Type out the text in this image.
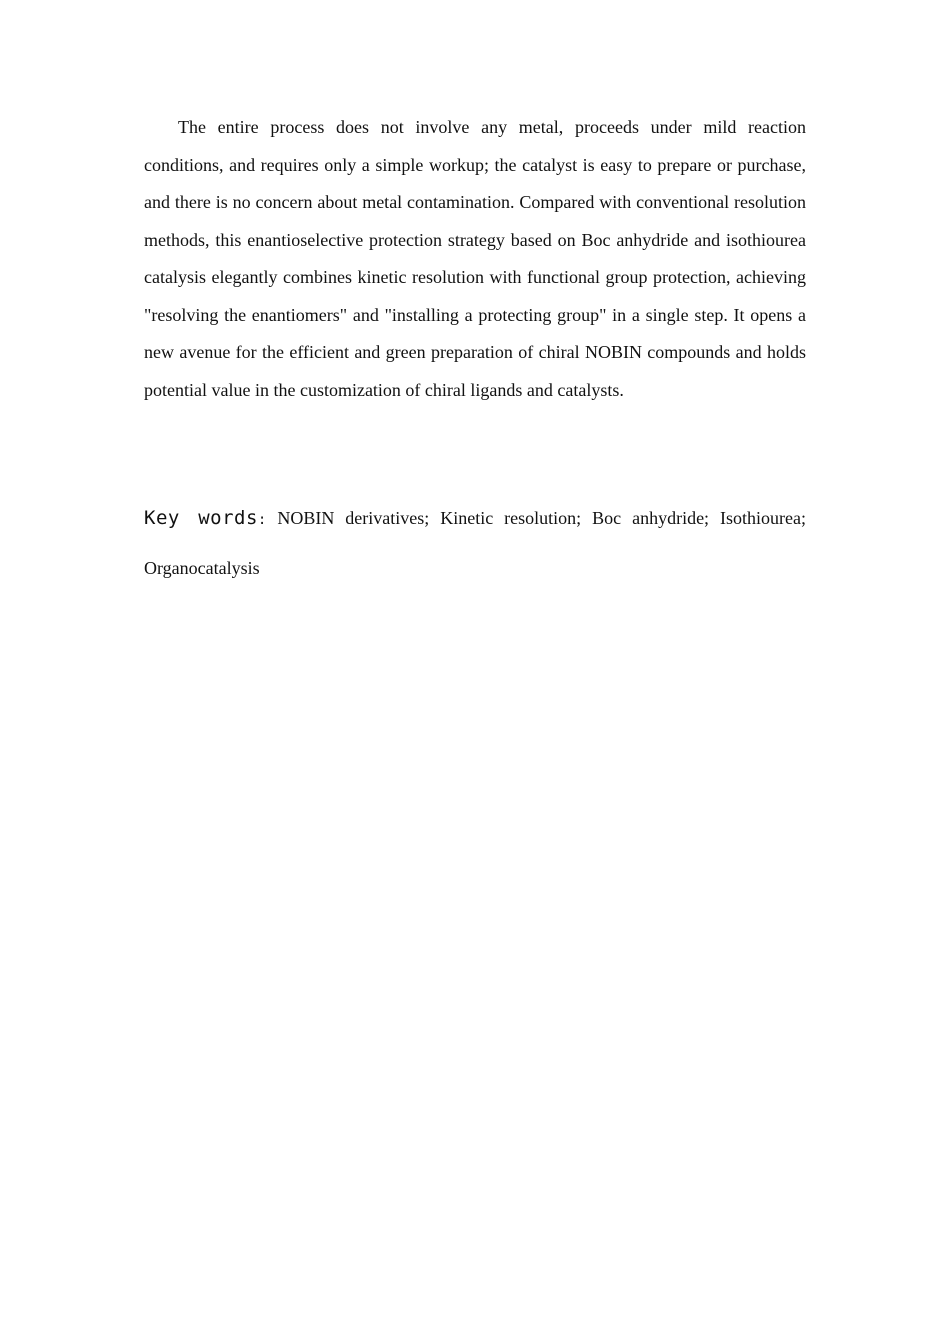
The entire process does not involve any metal, proceeds under mild reaction conditions, and requires only a simple workup; the catalyst is easy to prepare or purchase, and there is no concern about metal contamination. Compared with conventional resolution methods, this enantioselective protection strategy based on Boc anhydride and isothiourea catalysis elegantly combines kinetic resolution with functional group protection, achieving "resolving the enantiomers" and "installing a protecting group" in a single step. It opens a new avenue for the efficient and green preparation of chiral NOBIN compounds and holds potential value in the customization of chiral ligands and catalysts.

Key words: NOBIN derivatives; Kinetic resolution; Boc anhydride; Isothiourea; Organocatalysis
